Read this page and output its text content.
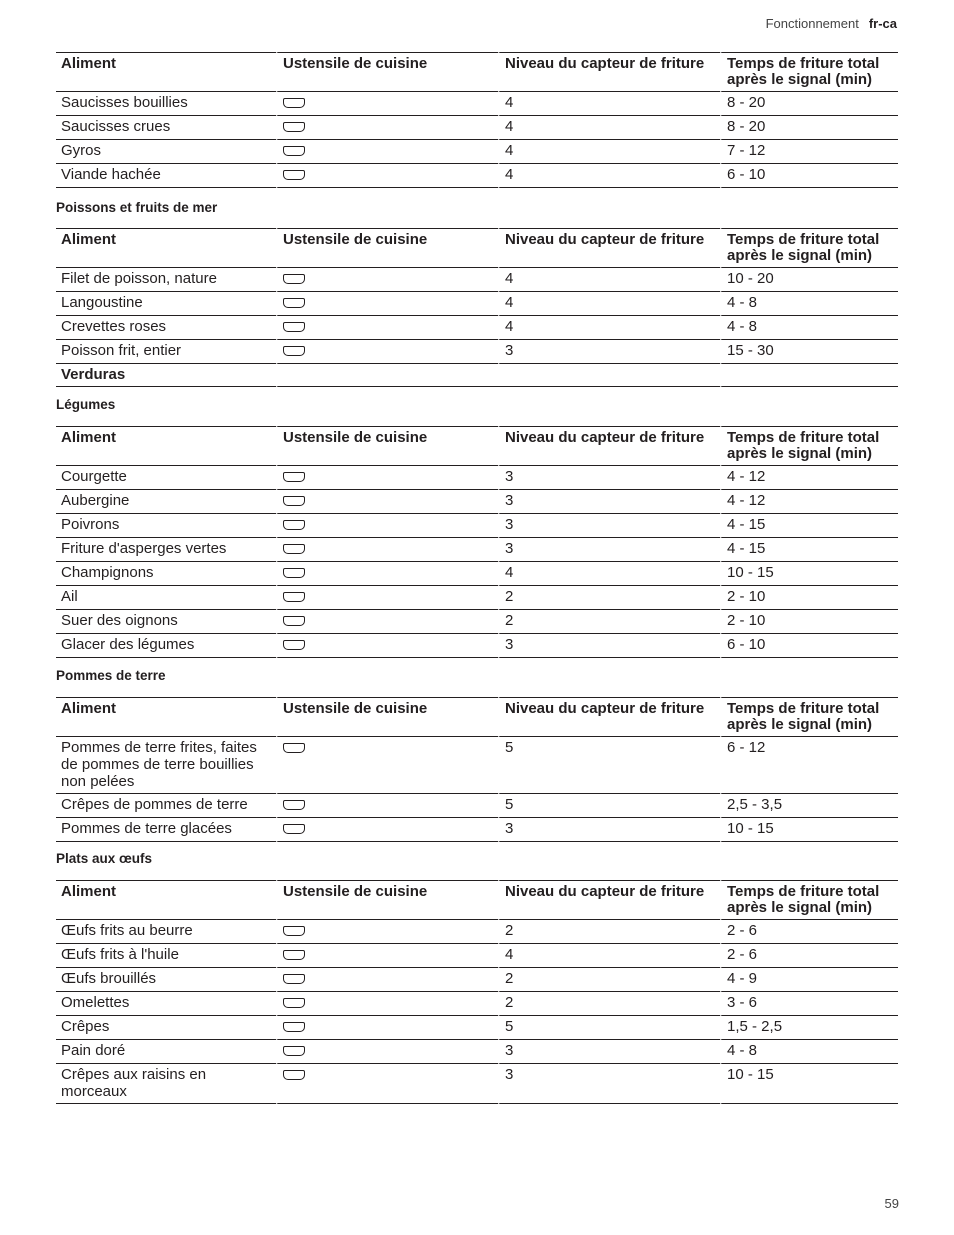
Fonctionnement fr-ca
Aliment	Ustensile de cuisine	Niveau du capteur de friture	Temps de friture total après le signal (min)
Saucisses bouillies		4	8 - 20
Saucisses crues		4	8 - 20
Gyros		4	7 - 12
Viande hachée		4	6 - 10
Poissons et fruits de mer
Aliment	Ustensile de cuisine	Niveau du capteur de friture	Temps de friture total après le signal (min)
Filet de poisson, nature		4	10 - 20
Langoustine		4	4 - 8
Crevettes roses		4	4 - 8
Poisson frit, entier		3	15 - 30
Verduras			
Légumes
Aliment	Ustensile de cuisine	Niveau du capteur de friture	Temps de friture total après le signal (min)
Courgette		3	4 - 12
Aubergine		3	4 - 12
Poivrons		3	4 - 15
Friture d'asperges vertes		3	4 - 15
Champignons		4	10 - 15
Ail		2	2 - 10
Suer des oignons		2	2 - 10
Glacer des légumes		3	6 - 10
Pommes de terre
Aliment	Ustensile de cuisine	Niveau du capteur de friture	Temps de friture total après le signal (min)
Pommes de terre frites, faites de pommes de terre bouillies non pelées		5	6 - 12
Crêpes de pommes de terre		5	2,5 - 3,5
Pommes de terre glacées		3	10 - 15
Plats aux œufs
Aliment	Ustensile de cuisine	Niveau du capteur de friture	Temps de friture total après le signal (min)
Œufs frits au beurre		2	2 - 6
Œufs frits à l'huile		4	2 - 6
Œufs brouillés		2	4 - 9
Omelettes		2	3 - 6
Crêpes		5	1,5 - 2,5
Pain doré		3	4 - 8
Crêpes aux raisins en morceaux		3	10 - 15
59
